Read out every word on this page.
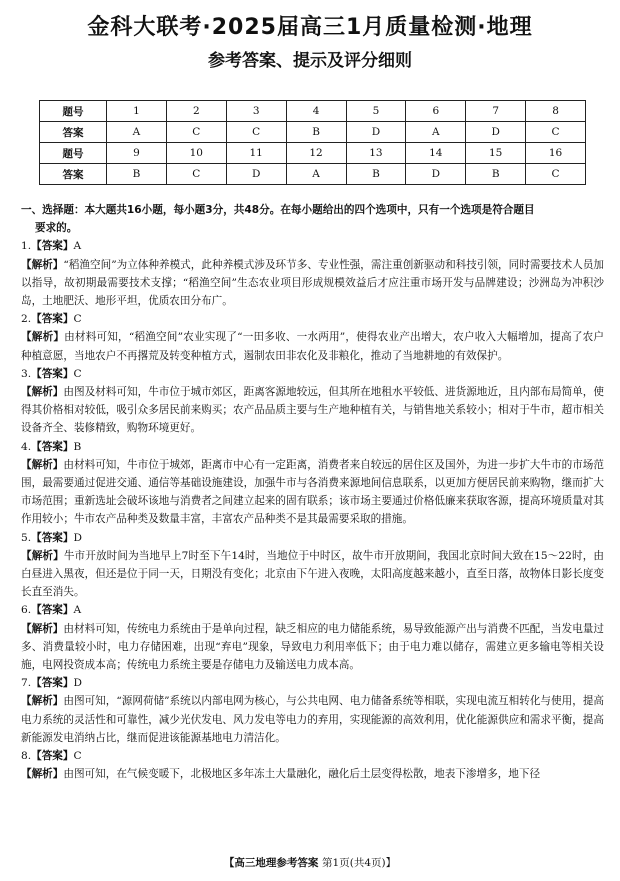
金科大联考·2025届高三1月质量检测·地理
参考答案、提示及评分细则
题号	1	2	3	4	5	6	7	8
答案	A	C	C	B	D	A	D	C
题号	9	10	11	12	13	14	15	16
答案	B	C	D	A	B	D	B	C
一、选择题：本大题共16小题，每小题3分，共48分。在每小题给出的四个选项中，只有一个选项是符合题目
要求的。
1.【答案】A
【解析】“稻渔空间”为立体种养模式，此种养模式涉及环节多、专业性强，需注重创新驱动和科技引领，同时需要技术人员加以指导，故初期最需要技术支撑；“稻渔空间”生态农业项目形成规模效益后才应注重市场开发与品牌建设；沙洲岛为冲积沙岛，土地肥沃、地形平坦，优质农田分布广。
2.【答案】C
【解析】由材料可知，“稻渔空间”农业实现了“一田多收、一水两用”，使得农业产出增大，农户收入大幅增加，提高了农户种植意愿，当地农户不再撂荒及转变种植方式，遏制农田非农化及非粮化，推动了当地耕地的有效保护。
3.【答案】C
【解析】由图及材料可知，牛市位于城市郊区，距离客源地较远，但其所在地租水平较低、进货源地近，且内部布局简单，使得其价格相对较低，吸引众多居民前来购买；农产品品质主要与生产地种植有关，与销售地关系较小；相对于牛市，超市相关设备齐全、装修精致，购物环境更好。
4.【答案】B
【解析】由材料可知，牛市位于城郊，距离市中心有一定距离，消费者来自较远的居住区及国外，为进一步扩大牛市的市场范围，最需要通过促进交通、通信等基础设施建设，加强牛市与各消费来源地间信息联系，以更加方便居民前来购物，继而扩大市场范围；重新选址会破坏该地与消费者之间建立起来的固有联系；该市场主要通过价格低廉来获取客源，提高环境质量对其作用较小；牛市农产品种类及数量丰富，丰富农产品种类不是其最需要采取的措施。
5.【答案】D
【解析】牛市开放时间为当地早上7时至下午14时，当地位于中时区，故牛市开放期间，我国北京时间大致在15～22时，由白昼进入黑夜，但还是位于同一天，日期没有变化；北京由下午进入夜晚，太阳高度越来越小，直至日落，故物体日影长度变长直至消失。
6.【答案】A
【解析】由材料可知，传统电力系统由于是单向过程，缺乏相应的电力储能系统，易导致能源产出与消费不匹配，当发电量过多、消费量较小时，电力存储困难，出现“弃电”现象，导致电力利用率低下；由于电力难以储存，需建立更多输电等相关设施，电网投资成本高；传统电力系统主要是存储电力及输送电力成本高。
7.【答案】D
【解析】由图可知，“源网荷储”系统以内部电网为核心，与公共电网、电力储备系统等相联，实现电流互相转化与使用，提高电力系统的灵活性和可靠性，减少光伏发电、风力发电等电力的弃用，实现能源的高效利用，优化能源供应和需求平衡，提高新能源发电消纳占比，继而促进该能源基地电力清洁化。
8.【答案】C
【解析】由图可知，在气候变暖下，北极地区多年冻土大量融化，融化后土层变得松散，地表下渗增多，地下径
【高三地理参考答案 第1页(共4页)】
